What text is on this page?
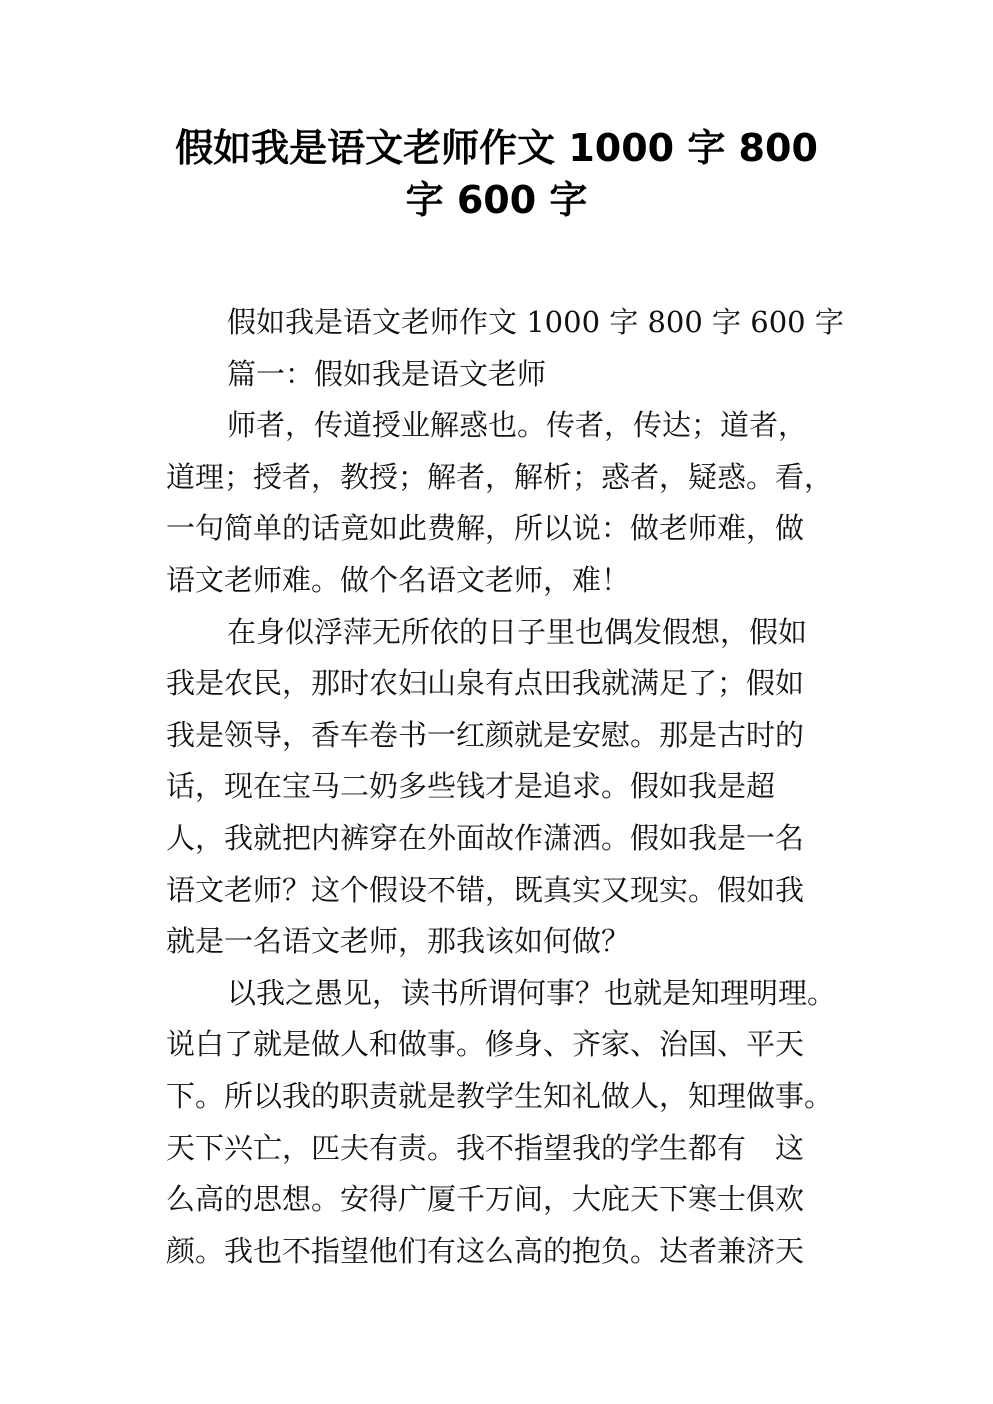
假如我是语文老师作文 1000 字 800
字 600 字
假如我是语文老师作文 1000 字 800 字 600 字
篇一：假如我是语文老师
师者，传道授业解惑也。传者，传达；道者，
道理；授者，教授；解者，解析；惑者，疑惑。看，
一句简单的话竟如此费解，所以说：做老师难，做
语文老师难。做个名语文老师，难！
在身似浮萍无所依的日子里也偶发假想，假如
我是农民，那时农妇山泉有点田我就满足了；假如
我是领导，香车卷书一红颜就是安慰。那是古时的
话，现在宝马二奶多些钱才是追求。假如我是超
人，我就把内裤穿在外面故作潇洒。假如我是一名
语文老师？这个假设不错，既真实又现实。假如我
就是一名语文老师，那我该如何做？
以我之愚见，读书所谓何事？也就是知理明理。
说白了就是做人和做事。修身、齐家、治国、平天
下。所以我的职责就是教学生知礼做人，知理做事。
天下兴亡，匹夫有责。我不指望我的学生都有　这
么高的思想。安得广厦千万间，大庇天下寒士俱欢
颜。我也不指望他们有这么高的抱负。达者兼济天
